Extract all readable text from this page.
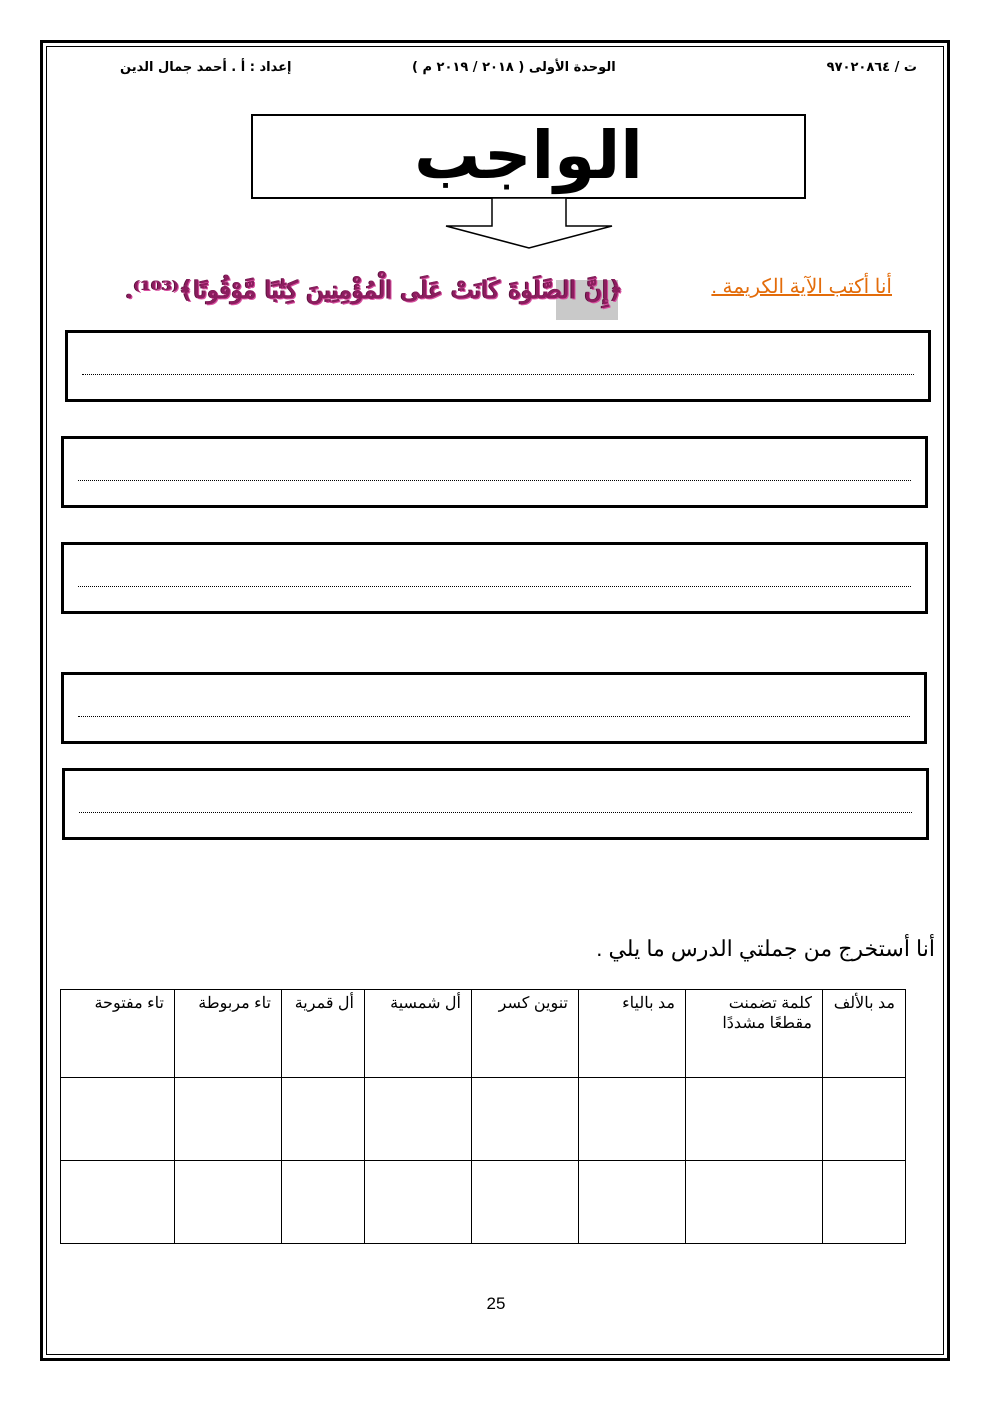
ت / ٩٧٠٢٠٨٦٤
الوحدة الأولى ( ٢٠١٨ / ٢٠١٩ م )
إعداد : أ . أحمد جمال الدين
الواجب
﴿إِنَّ الصَّلَوٰةَ كَانَتْ عَلَى الْمُؤْمِنِينَ كِتَٰبًا مَّوْقُوتًا﴾⁽¹⁰³⁾.	أنا أكتب الآية الكريمة .
أنا أستخرج من جملتي الدرس ما يلي .
مد بالألف	كلمة تضمنت مقطعًا مشددًا	مد بالياء	تنوين كسر	أل شمسية	أل قمرية	تاء مربوطة	تاء مفتوحة

25
